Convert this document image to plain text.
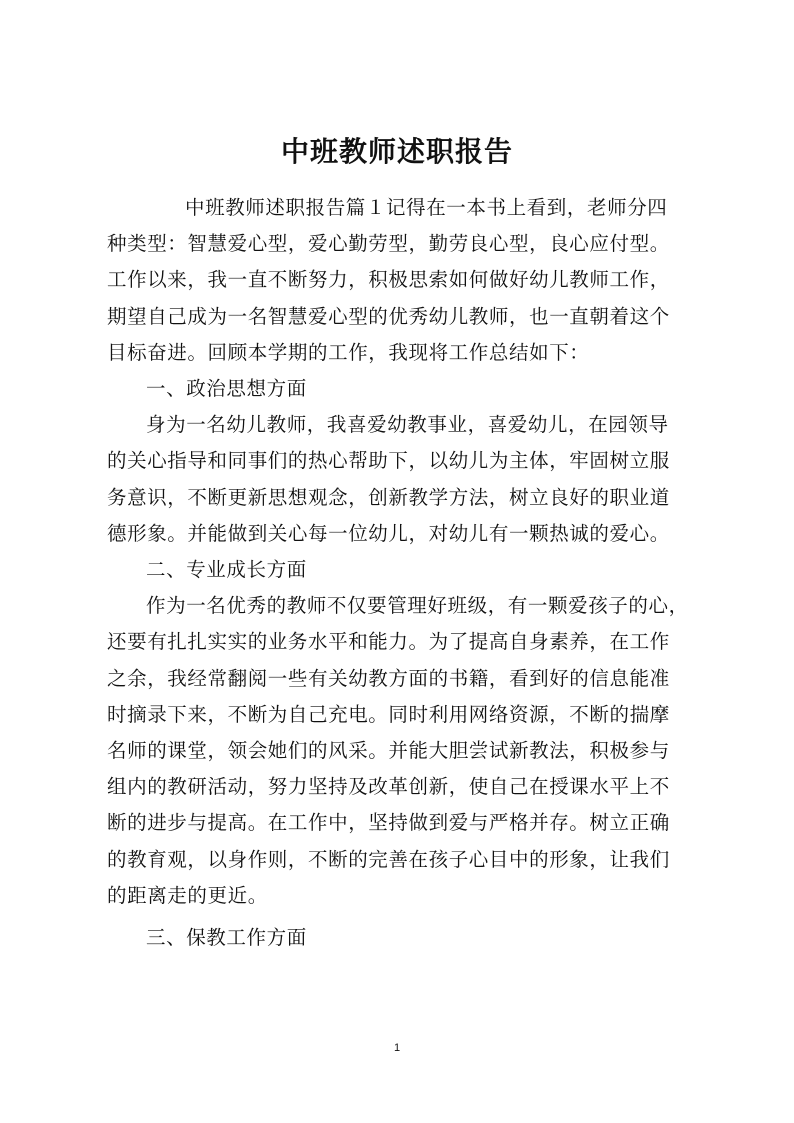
中班教师述职报告
中班教师述职报告篇１记得在一本书上看到，老师分四
种类型：智慧爱心型，爱心勤劳型，勤劳良心型，良心应付型。
工作以来，我一直不断努力，积极思索如何做好幼儿教师工作，
期望自己成为一名智慧爱心型的优秀幼儿教师，也一直朝着这个
目标奋进。回顾本学期的工作，我现将工作总结如下：
一、政治思想方面
身为一名幼儿教师，我喜爱幼教事业，喜爱幼儿，在园领导
的关心指导和同事们的热心帮助下，以幼儿为主体，牢固树立服
务意识，不断更新思想观念，创新教学方法，树立良好的职业道
德形象。并能做到关心每一位幼儿，对幼儿有一颗热诚的爱心。
二、专业成长方面
作为一名优秀的教师不仅要管理好班级，有一颗爱孩子的心，
还要有扎扎实实的业务水平和能力。为了提高自身素养，在工作
之余，我经常翻阅一些有关幼教方面的书籍，看到好的信息能准
时摘录下来，不断为自己充电。同时利用网络资源，不断的揣摩
名师的课堂，领会她们的风采。并能大胆尝试新教法，积极参与
组内的教研活动，努力坚持及改革创新，使自己在授课水平上不
断的进步与提高。在工作中，坚持做到爱与严格并存。树立正确
的教育观，以身作则，不断的完善在孩子心目中的形象，让我们
的距离走的更近。
三、保教工作方面
1
